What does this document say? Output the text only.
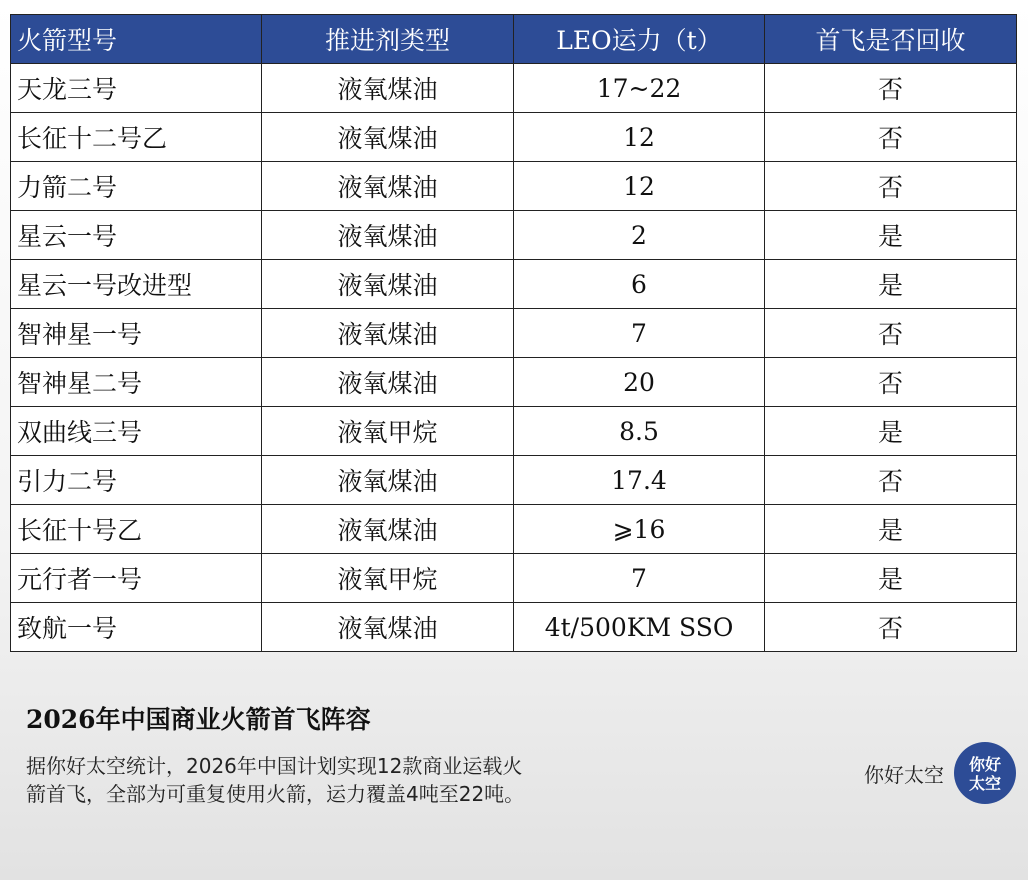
火箭型号	推进剂类型	LEO运力（t）	首飞是否回收
天龙三号	液氧煤油	17~22	否
长征十二号乙	液氧煤油	12	否
力箭二号	液氧煤油	12	否
星云一号	液氧煤油	2	是
星云一号改进型	液氧煤油	6	是
智神星一号	液氧煤油	7	否
智神星二号	液氧煤油	20	否
双曲线三号	液氧甲烷	8.5	是
引力二号	液氧煤油	17.4	否
长征十号乙	液氧煤油	⩾16	是
元行者一号	液氧甲烷	7	是
致航一号	液氧煤油	4t/500KM SSO	否
2026年中国商业火箭首飞阵容
据你好太空统计，2026年中国计划实现12款商业运载火箭首飞，全部为可重复使用火箭，运力覆盖4吨至22吨。
你好太空 你好
太空
